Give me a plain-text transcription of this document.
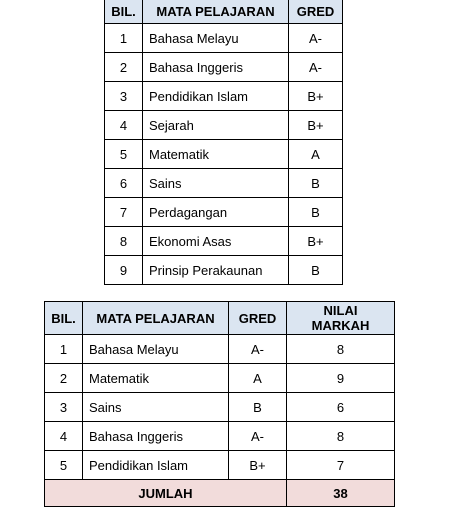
BIL.	MATA PELAJARAN	GRED
1	Bahasa Melayu	A-
2	Bahasa Inggeris	A-
3	Pendidikan Islam	B+
4	Sejarah	B+
5	Matematik	A
6	Sains	B
7	Perdagangan	B
8	Ekonomi Asas	B+
9	Prinsip Perakaunan	B
BIL.	MATA PELAJARAN	GRED	NILAI MARKAH
1	Bahasa Melayu	A-	8
2	Matematik	A	9
3	Sains	B	6
4	Bahasa Inggeris	A-	8
5	Pendidikan Islam	B+	7
JUMLAH			38
